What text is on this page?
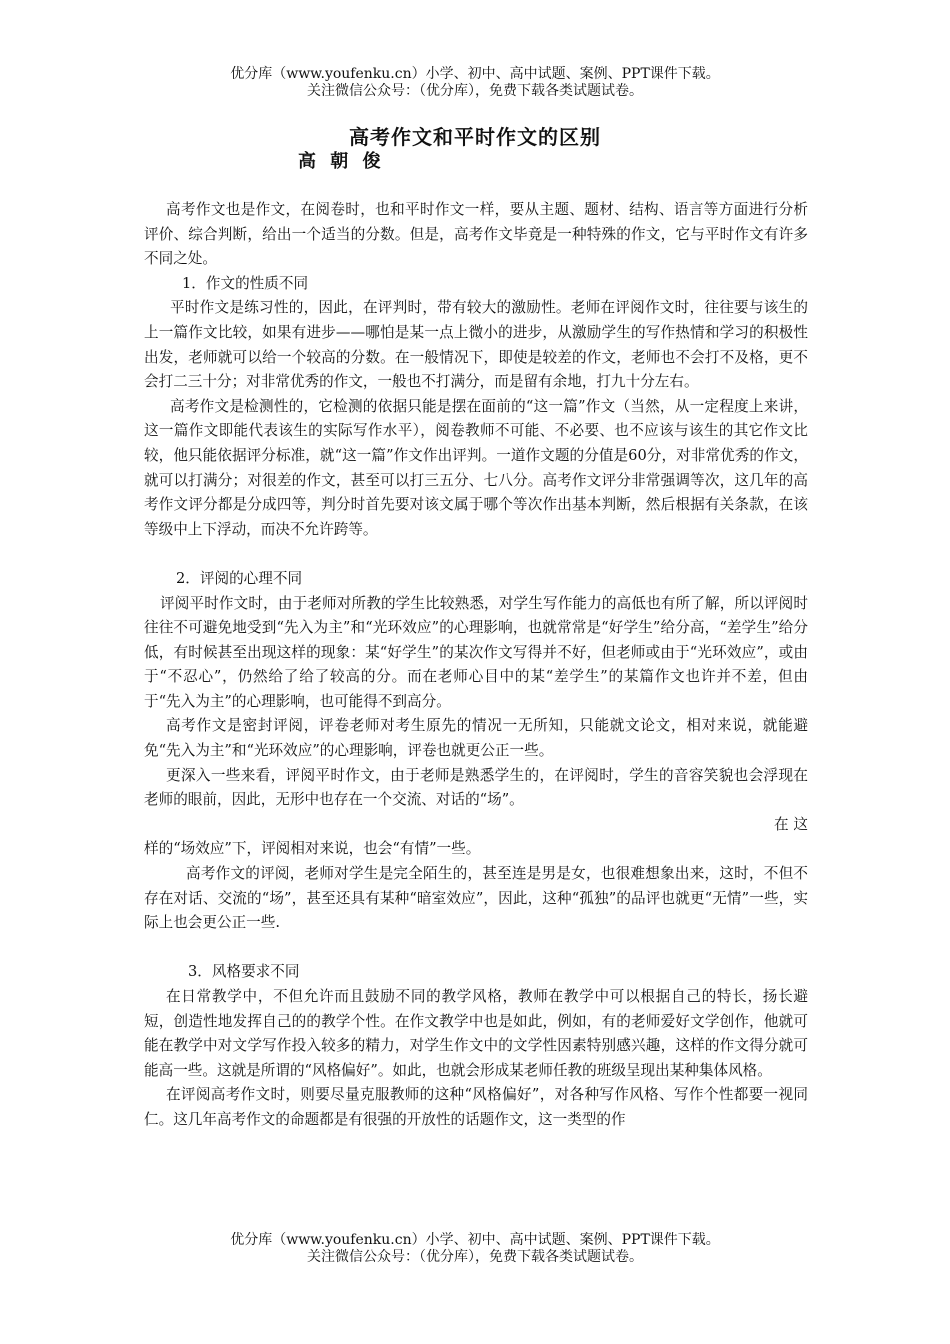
优分库（www.youfenku.cn）小学、初中、高中试题、案例、PPT课件下载。
关注微信公众号：（优分库），免费下载各类试题试卷。
高考作文和平时作文的区别
高 朝 俊

高考作文也是作文，在阅卷时，也和平时作文一样，要从主题、题材、结构、语言等方面进行分析评价、综合判断，给出一个适当的分数。但是，高考作文毕竟是一种特殊的作文，它与平时作文有许多不同之处。

1．作文的性质不同

平时作文是练习性的，因此，在评判时，带有较大的激励性。老师在评阅作文时，往往要与该生的上一篇作文比较，如果有进步——哪怕是某一点上微小的进步，从激励学生的写作热情和学习的积极性出发，老师就可以给一个较高的分数。在一般情况下，即使是较差的作文，老师也不会打不及格，更不会打二三十分；对非常优秀的作文，一般也不打满分，而是留有余地，打九十分左右。

高考作文是检测性的，它检测的依据只能是摆在面前的“这一篇”作文（当然，从一定程度上来讲，这一篇作文即能代表该生的实际写作水平），阅卷教师不可能、不必要、也不应该与该生的其它作文比较，他只能依据评分标准，就“这一篇”作文作出评判。一道作文题的分值是60分，对非常优秀的作文，就可以打满分；对很差的作文，甚至可以打三五分、七八分。高考作文评分非常强调等次，这几年的高考作文评分都是分成四等，判分时首先要对该文属于哪个等次作出基本判断，然后根据有关条款，在该等级中上下浮动，而决不允许跨等。

2．评阅的心理不同

评阅平时作文时，由于老师对所教的学生比较熟悉，对学生写作能力的高低也有所了解，所以评阅时往往不可避免地受到“先入为主”和“光环效应”的心理影响，也就常常是“好学生”给分高，“差学生”给分低，有时候甚至出现这样的现象：某“好学生”的某次作文写得并不好，但老师或由于“光环效应”，或由于“不忍心”，仍然给了给了较高的分。而在老师心目中的某“差学生”的某篇作文也许并不差，但由于“先入为主”的心理影响，也可能得不到高分。

高考作文是密封评阅，评卷老师对考生原先的情况一无所知，只能就文论文，相对来说，就能避免“先入为主”和“光环效应”的心理影响，评卷也就更公正一些。

更深入一些来看，评阅平时作文，由于老师是熟悉学生的，在评阅时，学生的音容笑貌也会浮现在老师的眼前，因此，无形中也存在一个交流、对话的“场”。

在这样的“场效应”下，评阅相对来说，也会“有情”一些。

高考作文的评阅，老师对学生是完全陌生的，甚至连是男是女，也很难想象出来，这时，不但不存在对话、交流的“场”，甚至还具有某种“暗室效应”，因此，这种“孤独”的品评也就更“无情”一些，实际上也会更公正一些.

3．风格要求不同

在日常教学中，不但允许而且鼓励不同的教学风格，教师在教学中可以根据自己的特长，扬长避短，创造性地发挥自己的的教学个性。在作文教学中也是如此，例如，有的老师爱好文学创作，他就可能在教学中对文学写作投入较多的精力，对学生作文中的文学性因素特别感兴趣，这样的作文得分就可能高一些。这就是所谓的“风格偏好”。如此，也就会形成某老师任教的班级呈现出某种集体风格。

在评阅高考作文时，则要尽量克服教师的这种“风格偏好”，对各种写作风格、写作个性都要一视同仁。这几年高考作文的命题都是有很强的开放性的话题作文，这一类型的作

优分库（www.youfenku.cn）小学、初中、高中试题、案例、PPT课件下载。
关注微信公众号：（优分库），免费下载各类试题试卷。
